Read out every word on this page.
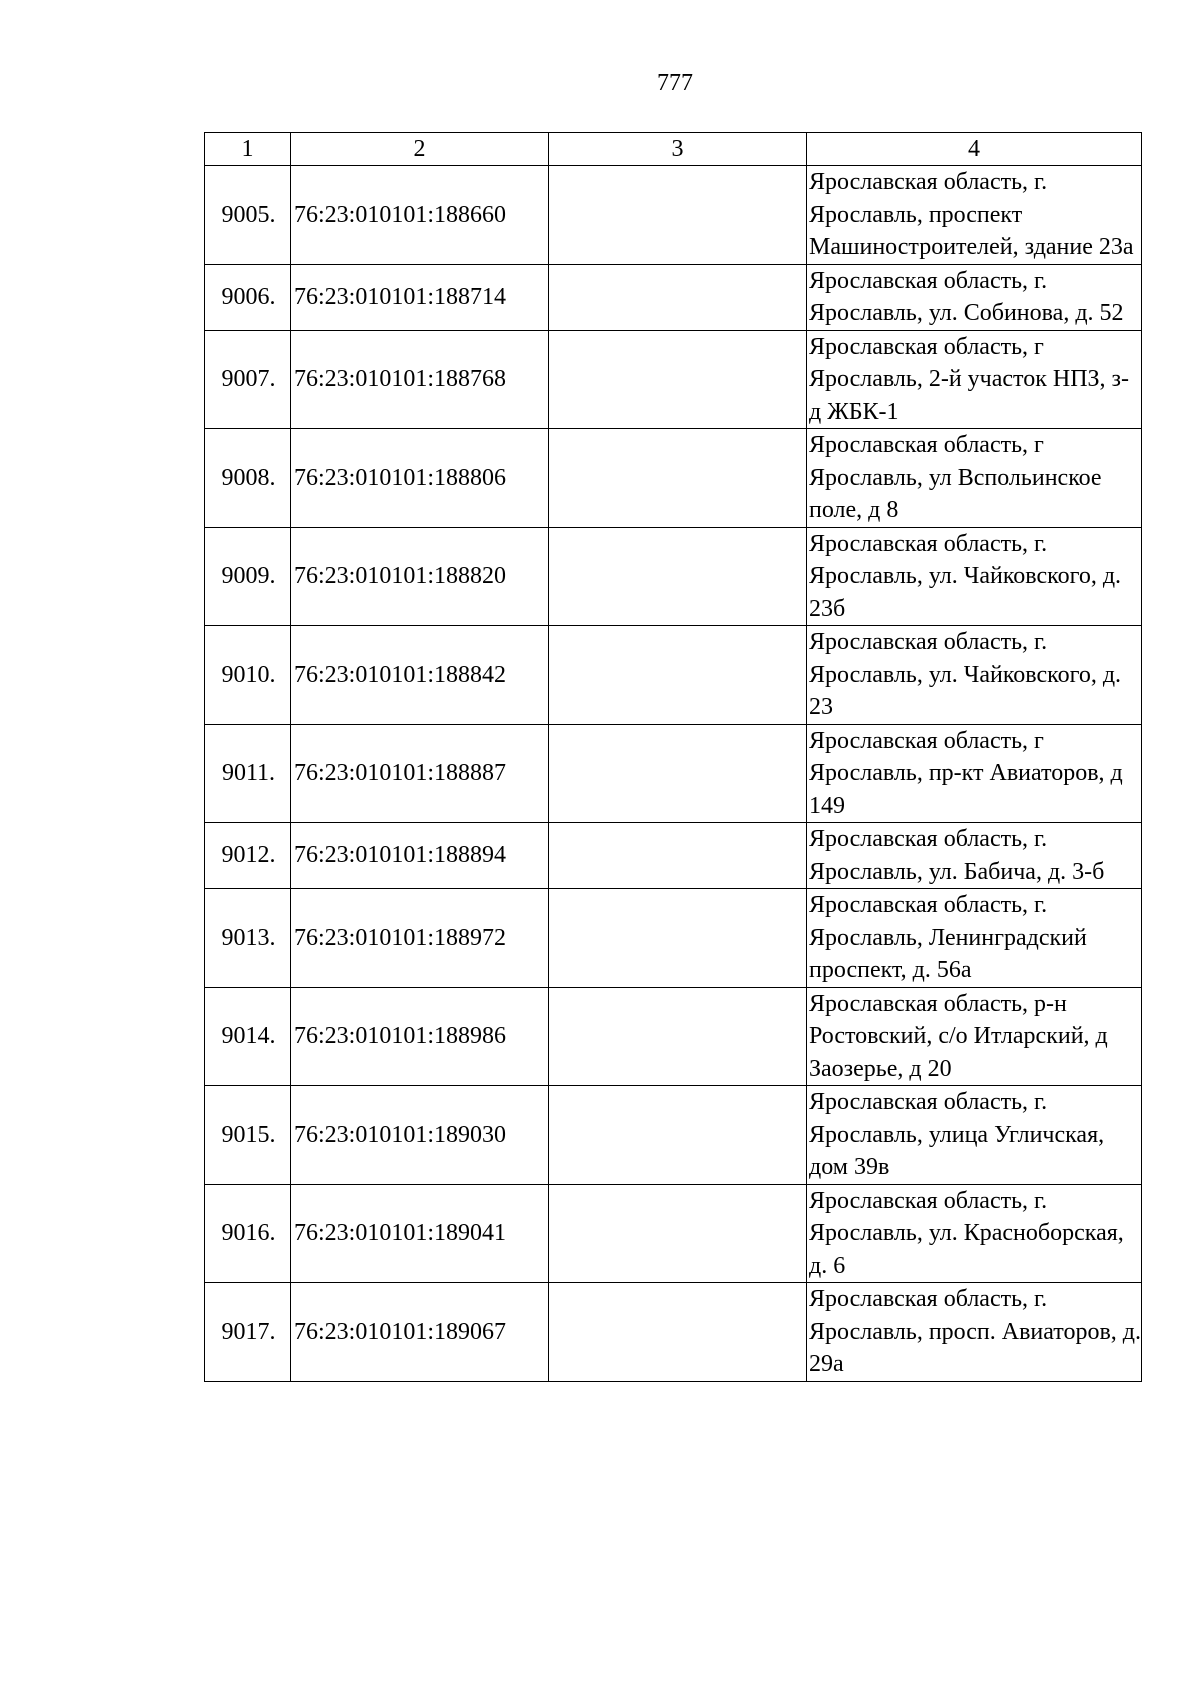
777
1	2	3	4
9005.	76:23:010101:188660		Ярославская область, г. Ярославль, проспект Машиностроителей, здание 23а
9006.	76:23:010101:188714		Ярославская область, г. Ярославль, ул. Собинова, д. 52
9007.	76:23:010101:188768		Ярославская область, г Ярославль, 2-й участок НПЗ, з-д ЖБК-1
9008.	76:23:010101:188806		Ярославская область, г Ярославль, ул Вспольинское поле, д 8
9009.	76:23:010101:188820		Ярославская область, г. Ярославль, ул. Чайковского, д. 23б
9010.	76:23:010101:188842		Ярославская область, г. Ярославль, ул. Чайковского, д. 23
9011.	76:23:010101:188887		Ярославская область, г Ярославль, пр-кт Авиаторов, д 149
9012.	76:23:010101:188894		Ярославская область, г. Ярославль, ул. Бабича, д. 3-б
9013.	76:23:010101:188972		Ярославская область, г. Ярославль, Ленинградский проспект, д. 56а
9014.	76:23:010101:188986		Ярославская область, р-н Ростовский, с/о Итларский, д Заозерье, д 20
9015.	76:23:010101:189030		Ярославская область, г. Ярославль, улица Угличская, дом 39в
9016.	76:23:010101:189041		Ярославская область, г. Ярославль, ул. Красноборская, д. 6
9017.	76:23:010101:189067		Ярославская область, г. Ярославль, просп. Авиаторов, д. 29а
